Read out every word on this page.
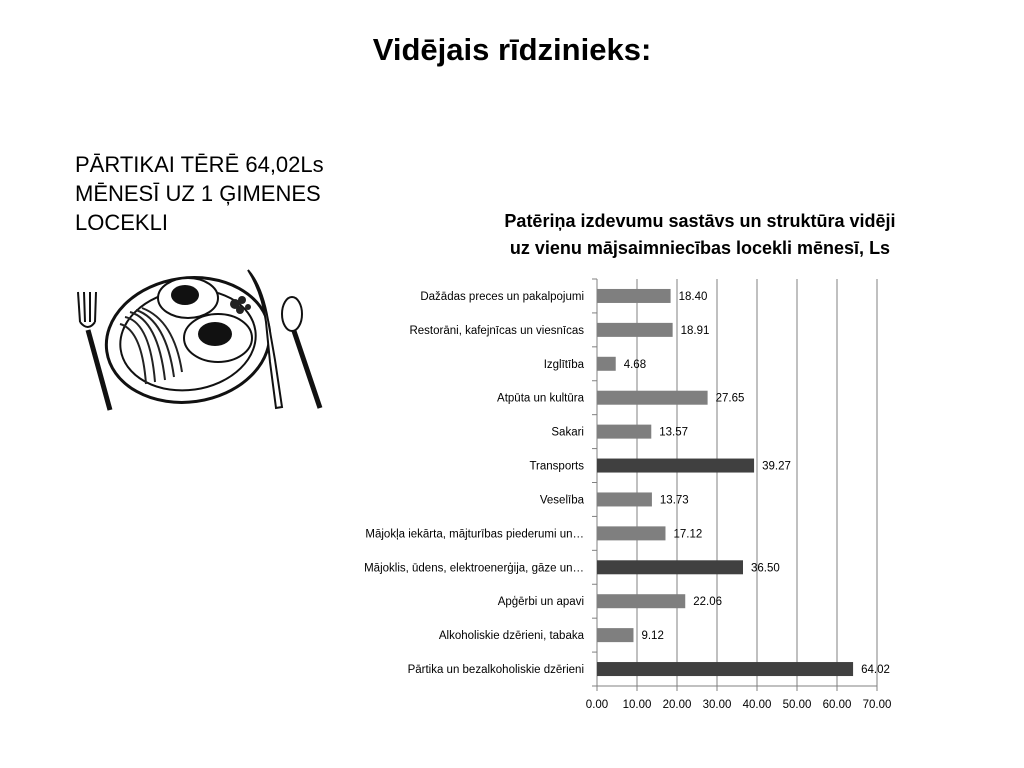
Vidējais rīdzinieks:
PĀRTIKAI TĒRĒ 64,02Ls MĒNESĪ UZ 1 ĢIMENES LOCEKLI	Patēriņa izdevumu sastāvs un struktūra vidēji
uz vienu mājsaimniecības locekli mēnesī, Ls
0.00 10.00 20.00 30.00 40.00 50.00 60.00 70.00
Dažādas preces un pakalpojumi	18.40
Restorāni, kafejnīcas un viesnīcas	18.91
Izglītība	4.68
Atpūta un kultūra	27.65
Sakari	13.57
Transports	39.27
Veselība	13.73
Mājokļa iekārta, mājturības piederumi un…	17.12
Mājoklis, ūdens, elektroenerģija, gāze un…	36.50
Apģērbi un apavi	22.06
Alkoholiskie dzērieni, tabaka	9.12
Pārtika un bezalkoholiskie dzērieni	64.02
